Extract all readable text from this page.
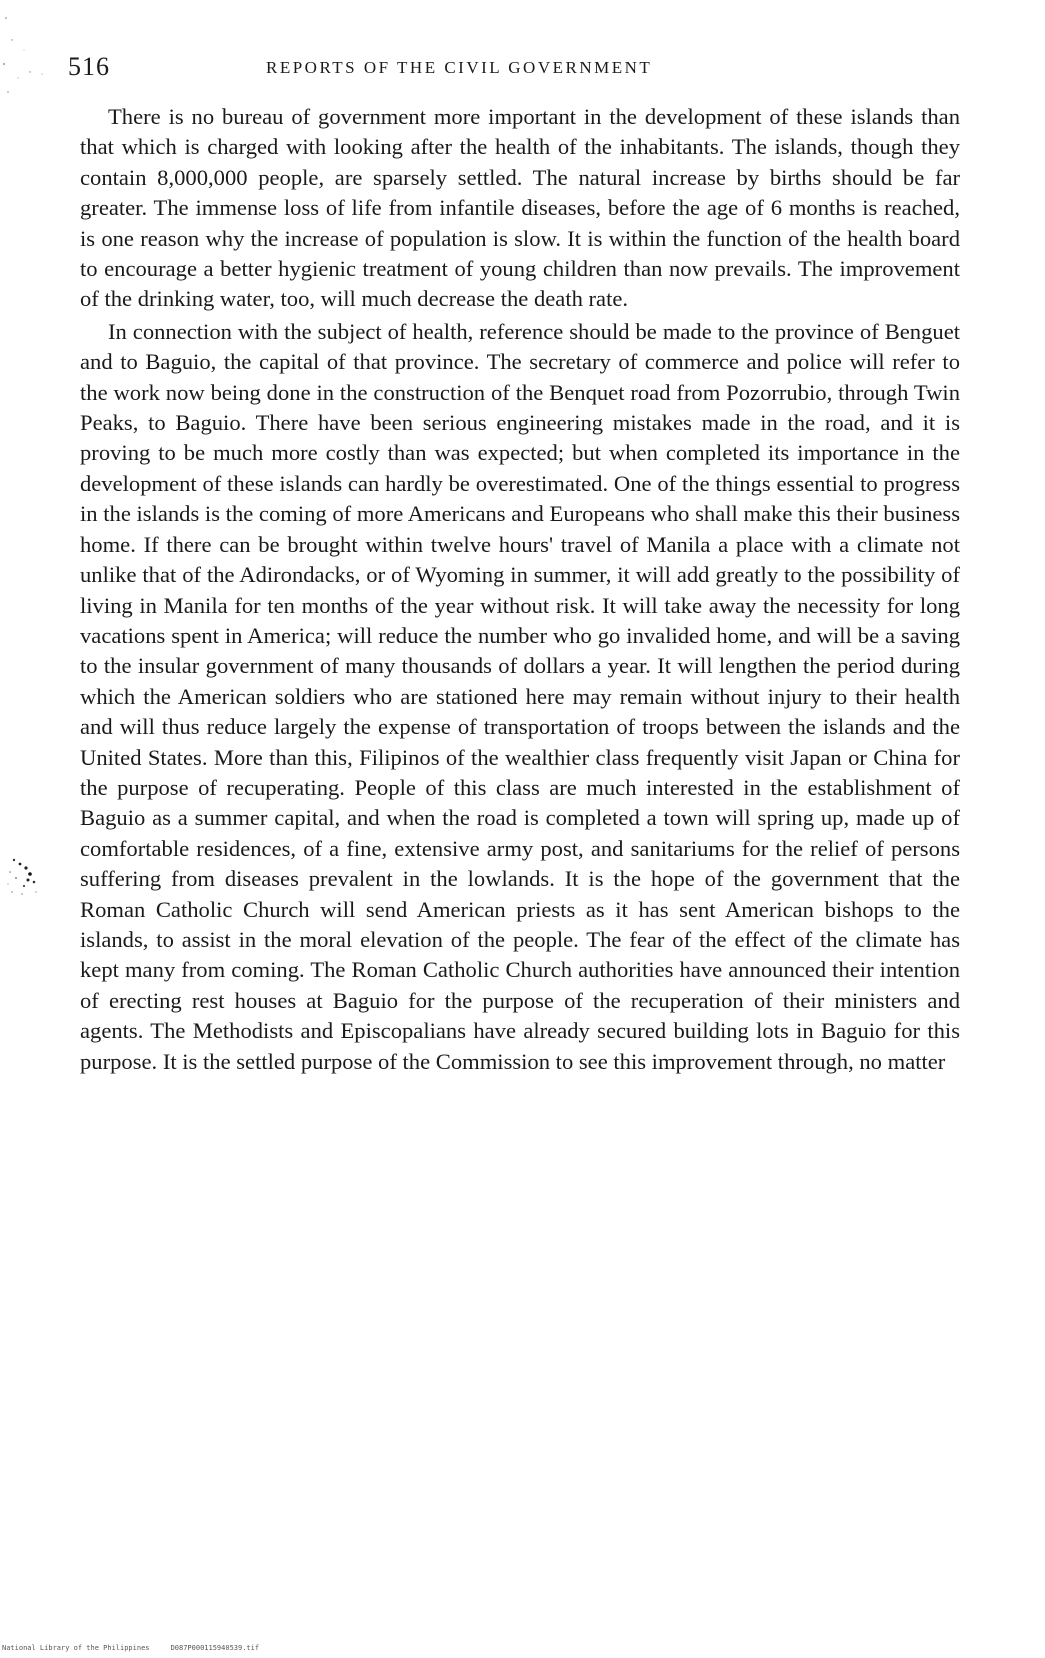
516	REPORTS OF THE CIVIL GOVERNMENT

There is no bureau of government more important in the development of these islands than that which is charged with looking after the health of the inhabitants. The islands, though they contain 8,000,000 people, are sparsely settled. The natural increase by births should be far greater. The immense loss of life from infantile diseases, before the age of 6 months is reached, is one reason why the increase of population is slow. It is within the function of the health board to encourage a better hygienic treatment of young children than now prevails. The improvement of the drinking water, too, will much decrease the death rate.

In connection with the subject of health, reference should be made to the province of Benguet and to Baguio, the capital of that province. The secretary of commerce and police will refer to the work now being done in the construction of the Benquet road from Pozorrubio, through Twin Peaks, to Baguio. There have been serious engineering mistakes made in the road, and it is proving to be much more costly than was expected; but when completed its importance in the development of these islands can hardly be overestimated. One of the things essential to progress in the islands is the coming of more Americans and Europeans who shall make this their business home. If there can be brought within twelve hours' travel of Manila a place with a climate not unlike that of the Adirondacks, or of Wyoming in summer, it will add greatly to the possibility of living in Manila for ten months of the year without risk. It will take away the necessity for long vacations spent in America; will reduce the number who go invalided home, and will be a saving to the insular government of many thousands of dollars a year. It will lengthen the period during which the American soldiers who are stationed here may remain without injury to their health and will thus reduce largely the expense of transportation of troops between the islands and the United States. More than this, Filipinos of the wealthier class frequently visit Japan or China for the purpose of recuperating. People of this class are much interested in the establishment of Baguio as a summer capital, and when the road is completed a town will spring up, made up of comfortable residences, of a fine, extensive army post, and sanitariums for the relief of persons suffering from diseases prevalent in the lowlands. It is the hope of the government that the Roman Catholic Church will send American priests as it has sent American bishops to the islands, to assist in the moral elevation of the people. The fear of the effect of the climate has kept many from coming. The Roman Catholic Church authorities have announced their intention of erecting rest houses at Baguio for the purpose of the recuperation of their ministers and agents. The Methodists and Episcopalians have already secured building lots in Baguio for this purpose. It is the settled purpose of the Commission to see this improvement through, no matter

National Library of the Philippines     D087P000115940539.tif
